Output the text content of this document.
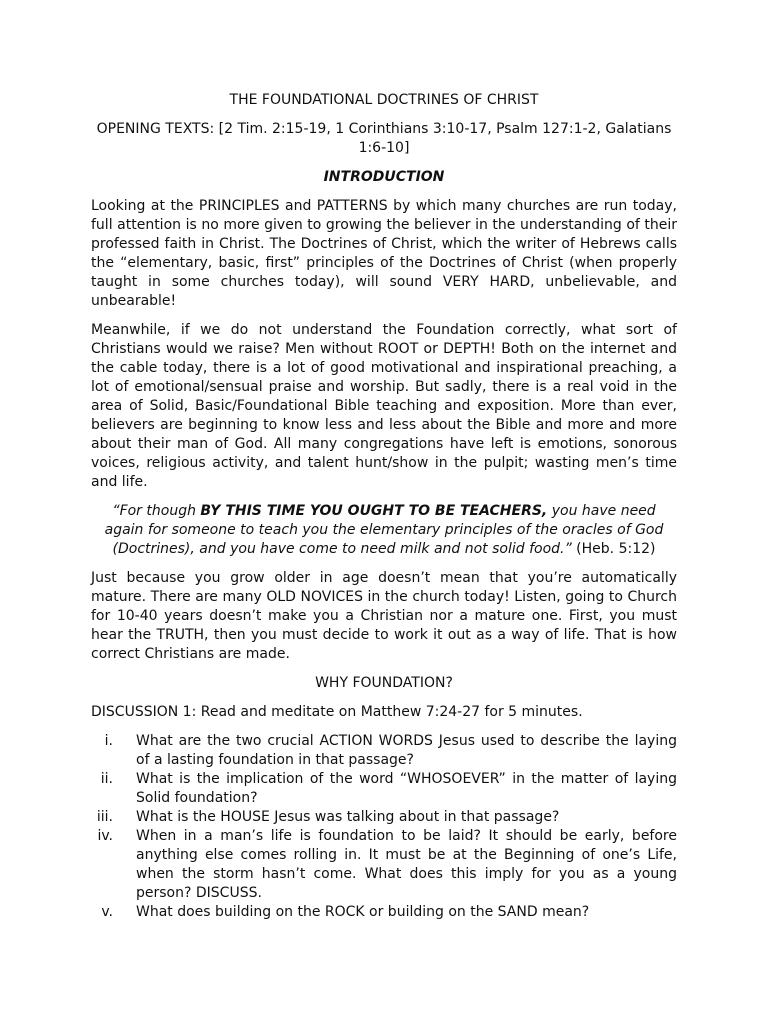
THE FOUNDATIONAL DOCTRINES OF CHRIST

OPENING TEXTS: [2 Tim. 2:15-19, 1 Corinthians 3:10-17, Psalm 127:1-2, Galatians 1:6-10]

INTRODUCTION

Looking at the PRINCIPLES and PATTERNS by which many churches are run today, full attention is no more given to growing the believer in the understanding of their professed faith in Christ. The Doctrines of Christ, which the writer of Hebrews calls the “elementary, basic, first” principles of the Doctrines of Christ (when properly taught in some churches today), will sound VERY HARD, unbelievable, and unbearable!

Meanwhile, if we do not understand the Foundation correctly, what sort of Christians would we raise? Men without ROOT or DEPTH! Both on the internet and the cable today, there is a lot of good motivational and inspirational preaching, a lot of emotional/sensual praise and worship. But sadly, there is a real void in the area of Solid, Basic/Foundational Bible teaching and exposition. More than ever, believers are beginning to know less and less about the Bible and more and more about their man of God. All many congregations have left is emotions, sonorous voices, religious activity, and talent hunt/show in the pulpit; wasting men’s time and life.

“For though BY THIS TIME YOU OUGHT TO BE TEACHERS, you have need again for someone to teach you the elementary principles of the oracles of God (Doctrines), and you have come to need milk and not solid food.” (Heb. 5:12)

Just because you grow older in age doesn’t mean that you’re automatically mature. There are many OLD NOVICES in the church today! Listen, going to Church for 10-40 years doesn’t make you a Christian nor a mature one. First, you must hear the TRUTH, then you must decide to work it out as a way of life. That is how correct Christians are made.

WHY FOUNDATION?

DISCUSSION 1: Read and meditate on Matthew 7:24-27 for 5 minutes.

i. What are the two crucial ACTION WORDS Jesus used to describe the laying of a lasting foundation in that passage?
ii. What is the implication of the word “WHOSOEVER” in the matter of laying Solid foundation?
iii. What is the HOUSE Jesus was talking about in that passage?
iv. When in a man’s life is foundation to be laid? It should be early, before anything else comes rolling in. It must be at the Beginning of one’s Life, when the storm hasn’t come. What does this imply for you as a young person? DISCUSS.
v. What does building on the ROCK or building on the SAND mean?
